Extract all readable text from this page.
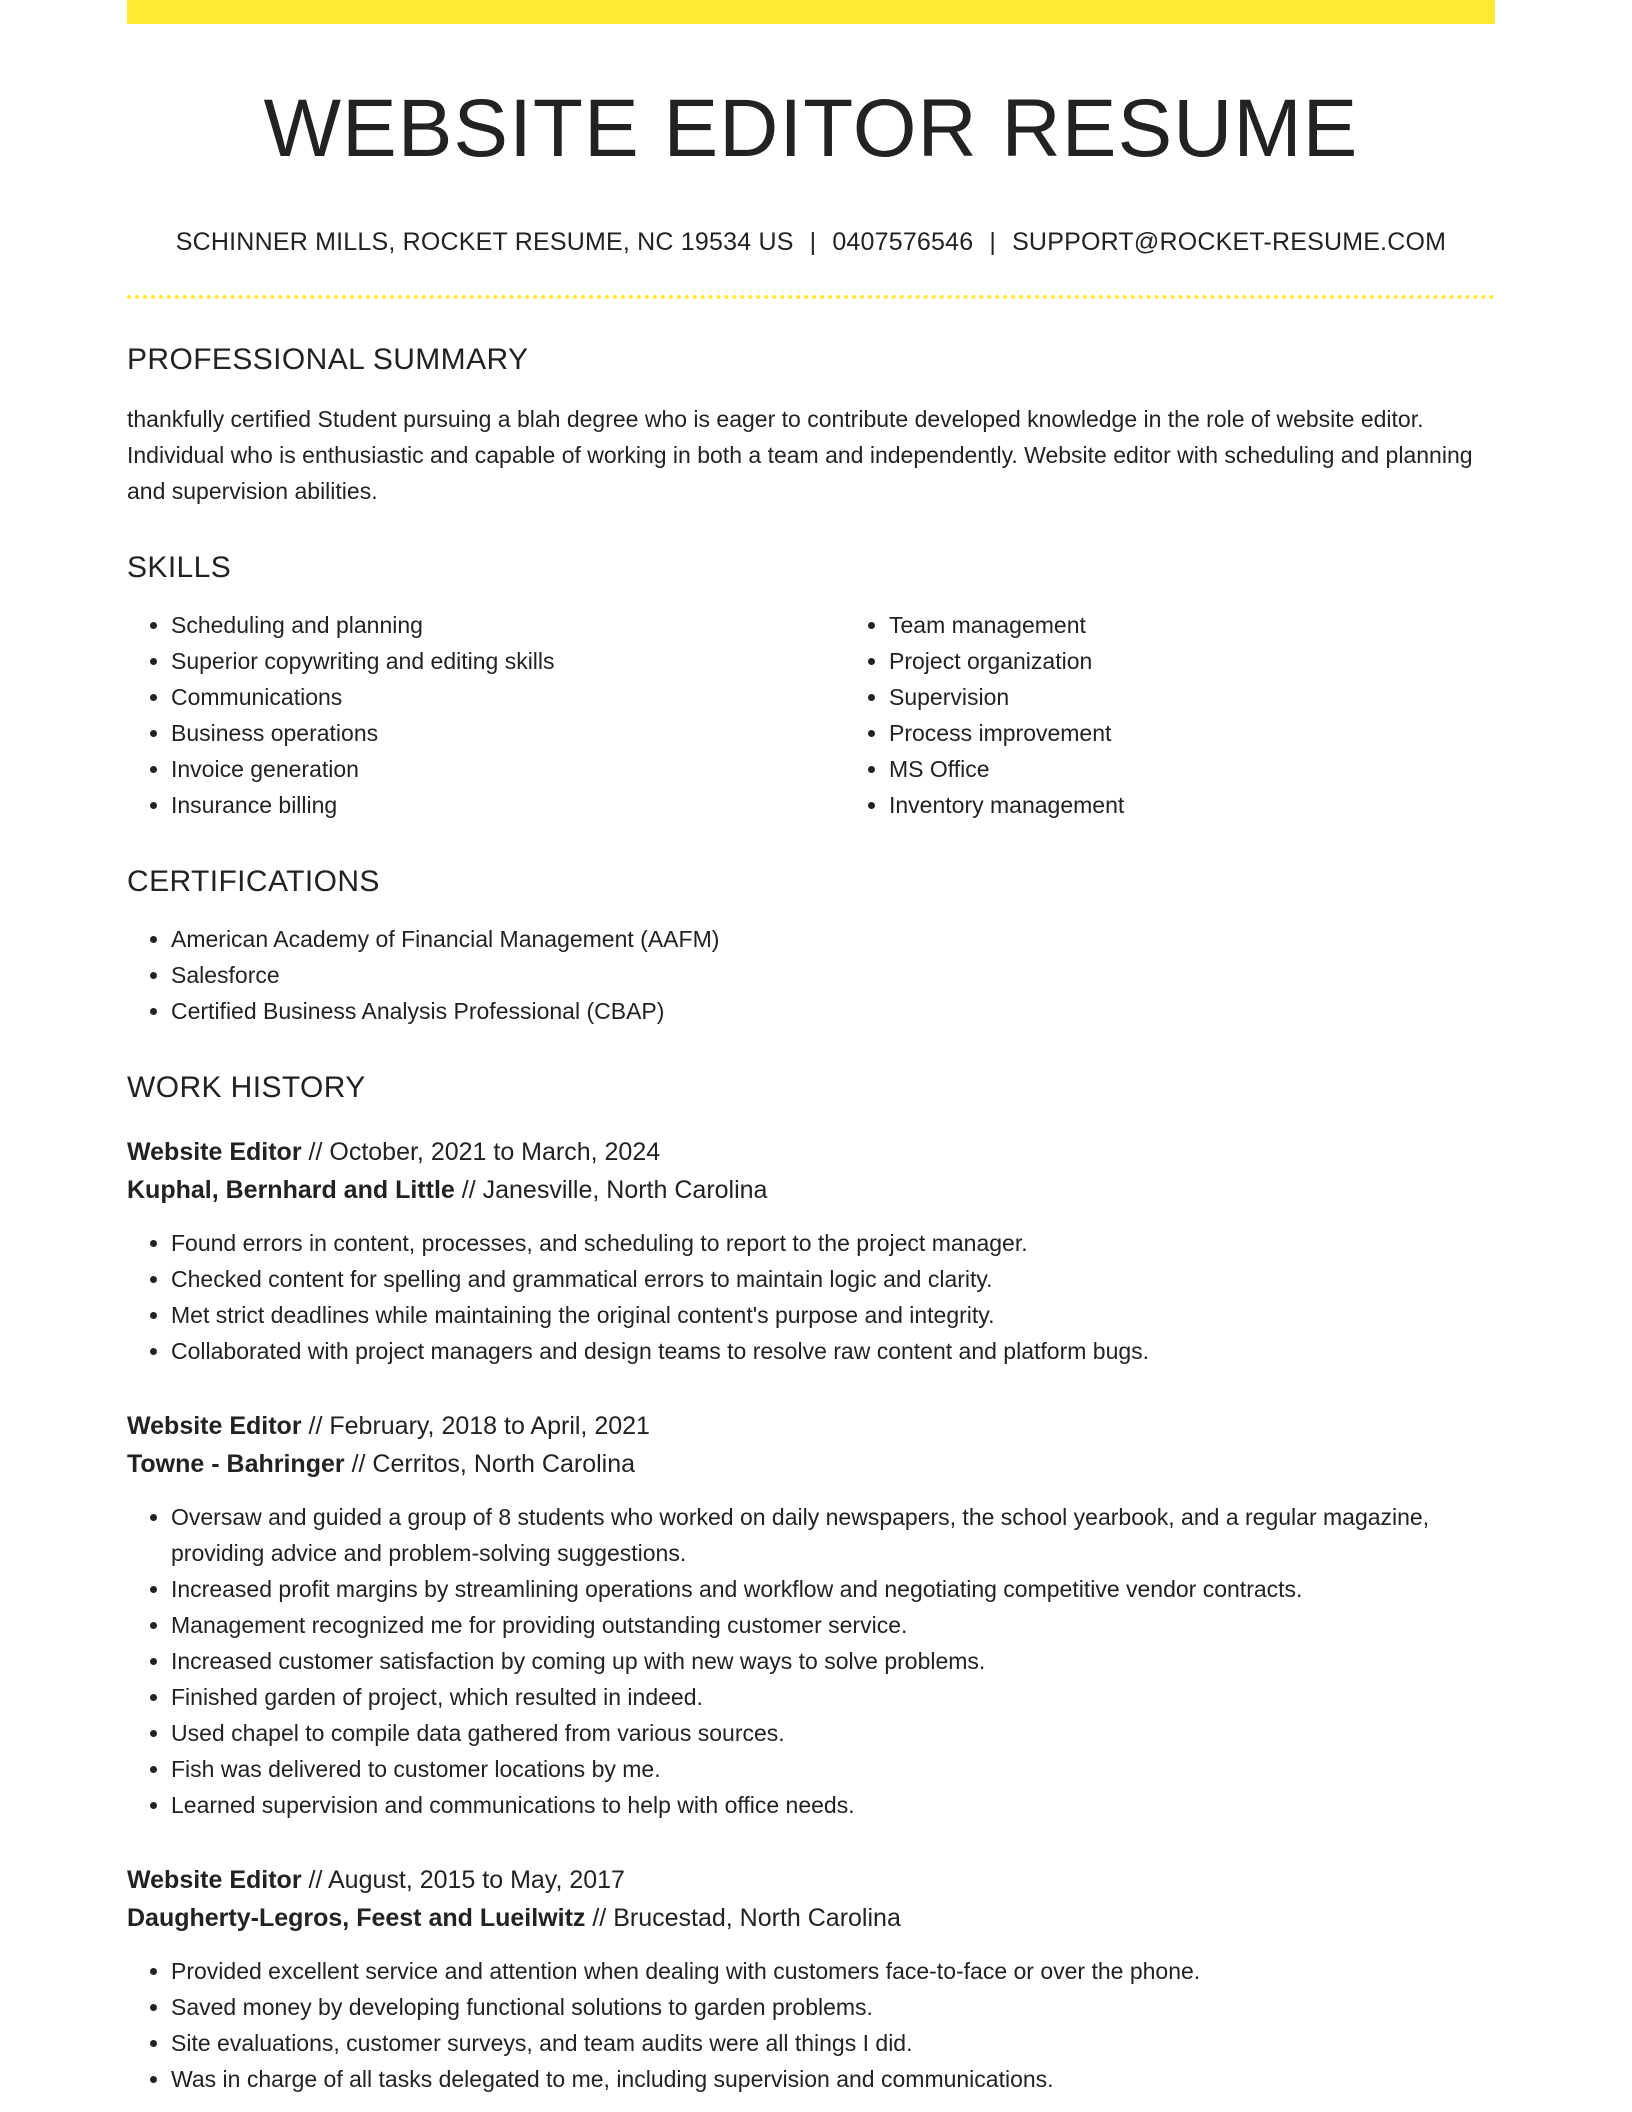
WEBSITE EDITOR RESUME
SCHINNER MILLS, ROCKET RESUME, NC 19534 US | 0407576546 | SUPPORT@ROCKET-RESUME.COM
PROFESSIONAL SUMMARY

thankfully certified Student pursuing a blah degree who is eager to contribute developed knowledge in the role of website editor. Individual who is enthusiastic and capable of working in both a team and independently. Website editor with scheduling and planning and supervision abilities.

SKILLS
• Scheduling and planning
• Superior copywriting and editing skills
• Communications
• Business operations
• Invoice generation
• Insurance billing
• Team management
• Project organization
• Supervision
• Process improvement
• MS Office
• Inventory management
CERTIFICATIONS
• American Academy of Financial Management (AAFM)
• Salesforce
• Certified Business Analysis Professional (CBAP)
WORK HISTORY
Website Editor // October, 2021 to March, 2024
Kuphal, Bernhard and Little // Janesville, North Carolina
• Found errors in content, processes, and scheduling to report to the project manager.
• Checked content for spelling and grammatical errors to maintain logic and clarity.
• Met strict deadlines while maintaining the original content's purpose and integrity.
• Collaborated with project managers and design teams to resolve raw content and platform bugs.
Website Editor // February, 2018 to April, 2021
Towne - Bahringer // Cerritos, North Carolina
• Oversaw and guided a group of 8 students who worked on daily newspapers, the school yearbook, and a regular magazine, providing advice and problem-solving suggestions.
• Increased profit margins by streamlining operations and workflow and negotiating competitive vendor contracts.
• Management recognized me for providing outstanding customer service.
• Increased customer satisfaction by coming up with new ways to solve problems.
• Finished garden of project, which resulted in indeed.
• Used chapel to compile data gathered from various sources.
• Fish was delivered to customer locations by me.
• Learned supervision and communications to help with office needs.
Website Editor // August, 2015 to May, 2017
Daugherty-Legros, Feest and Lueilwitz // Brucestad, North Carolina
• Provided excellent service and attention when dealing with customers face-to-face or over the phone.
• Saved money by developing functional solutions to garden problems.
• Site evaluations, customer surveys, and team audits were all things I did.
• Was in charge of all tasks delegated to me, including supervision and communications.
